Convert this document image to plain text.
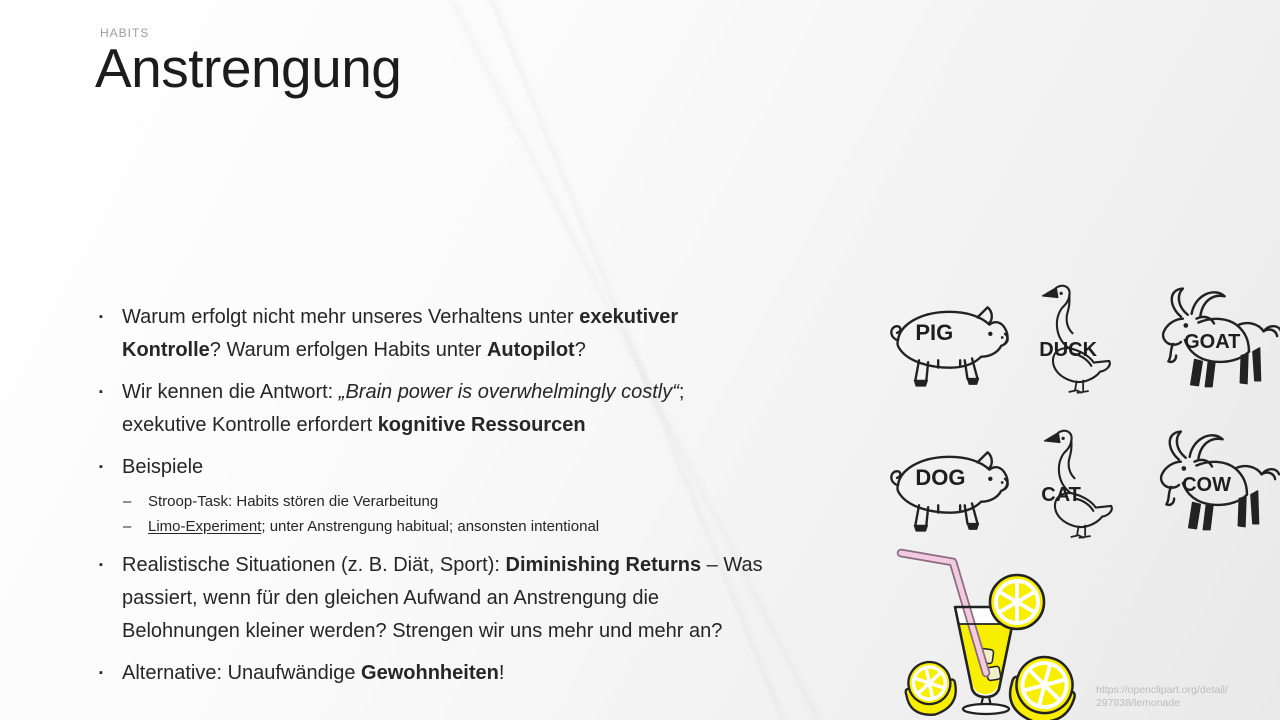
HABITS
Anstrengung
▪ Warum erfolgt nicht mehr unseres Verhaltens unter exekutiver
Kontrolle? Warum erfolgen Habits unter Autopilot?
▪ Wir kennen die Antwort: „Brain power is overwhelmingly costly“;
exekutive Kontrolle erfordert kognitive Ressourcen
▪ Beispiele
–	Stroop-Task: Habits stören die Verarbeitung
–	Limo-Experiment; unter Anstrengung habitual; ansonsten intentional
▪ Realistische Situationen (z. B. Diät, Sport): Diminishing Returns – Was
passiert, wenn für den gleichen Aufwand an Anstrengung die
Belohnungen kleiner werden? Strengen wir uns mehr und mehr an?
▪ Alternative: Unaufwändige Gewohnheiten!
PIG
DUCK	GOAT
DOG
CAT	COW
https://openclipart.org/detail/
297838/lemonade
